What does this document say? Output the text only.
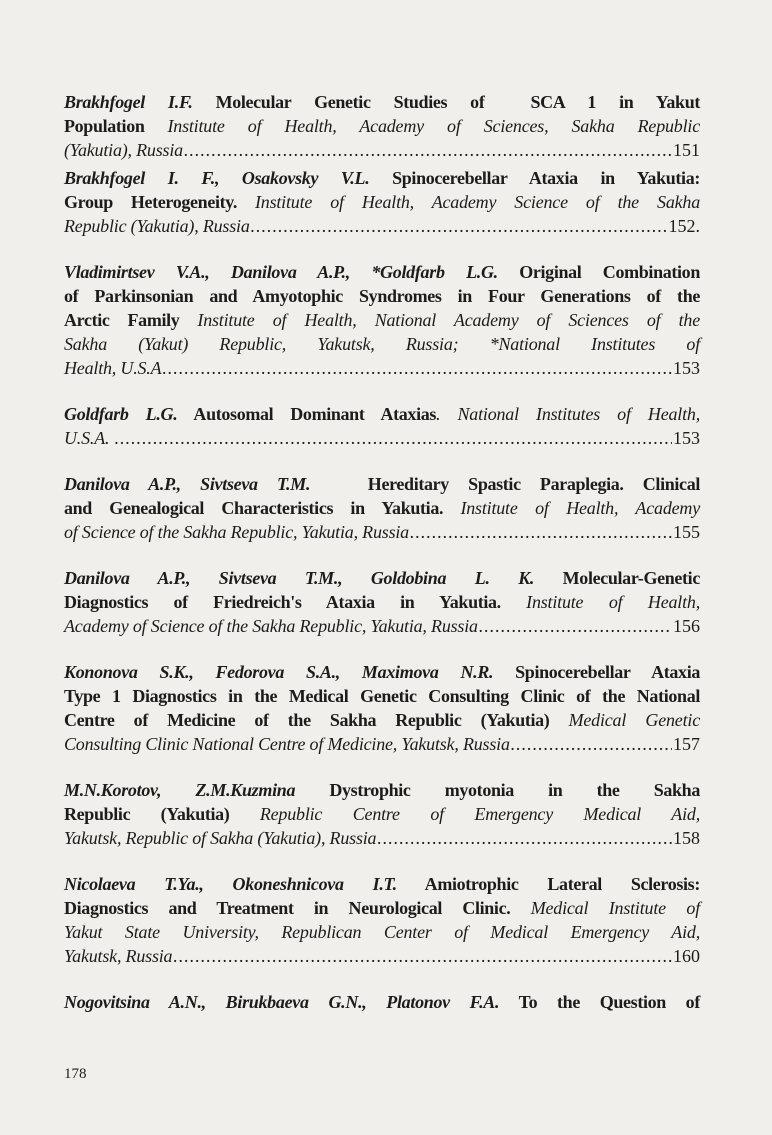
Brakhfogel I.F. Molecular Genetic Studies of  SCA 1 in Yakut
Population Institute of Health, Academy of Sciences, Sakha Republic
(Yakutia), Russia .....	151
Brakhfogel I. F., Osakovsky V.L. Spinocerebellar Ataxia in Yakutia:
Group Heterogeneity. Institute of Health, Academy Science of the Sakha
Republic (Yakutia), Russia .....	152.
Vladimirtsev V.A., Danilova A.P., *Goldfarb L.G. Original Combination
of Parkinsonian and Amyotophic Syndromes in Four Generations of the
Arctic Family Institute of Health, National Academy of Sciences of the
Sakha (Yakut) Republic, Yakutsk, Russia; *National Institutes of
Health, U.S.A .....	153
Goldfarb L.G. Autosomal Dominant Ataxias. National Institutes of Health,
U.S.A. .....	153
Danilova A.P., Sivtseva T.M.   Hereditary Spastic Paraplegia. Clinical
and Genealogical Characteristics in Yakutia. Institute of Health, Academy
of Science of the Sakha Republic, Yakutia, Russia .....	155
Danilova A.P., Sivtseva T.M., Goldobina L. K. Molecular-Genetic
Diagnostics of Friedreich's Ataxia in Yakutia. Institute of Health,
Academy of Science of the Sakha Republic, Yakutia, Russia .....	156
Kononova S.K., Fedorova S.A., Maximova N.R. Spinocerebellar Ataxia
Type 1 Diagnostics in the Medical Genetic Consulting Clinic of the National
Centre of Medicine of the Sakha Republic (Yakutia) Medical Genetic
Consulting Clinic National Centre of Medicine, Yakutsk, Russia .....	157
M.N.Korotov, Z.M.Kuzmina Dystrophic myotonia in the Sakha
Republic (Yakutia) Republic Centre of Emergency Medical Aid,
Yakutsk, Republic of Sakha (Yakutia), Russia .....	158
Nicolaeva T.Ya., Okoneshnicova I.T. Amiotrophic Lateral Sclerosis:
Diagnostics and Treatment in Neurological Clinic. Medical Institute of
Yakut State University, Republican Center of Medical Emergency Aid,
Yakutsk, Russia .....	160
Nogovitsina A.N., Birukbaeva G.N., Platonov F.A. To the Question of
178
